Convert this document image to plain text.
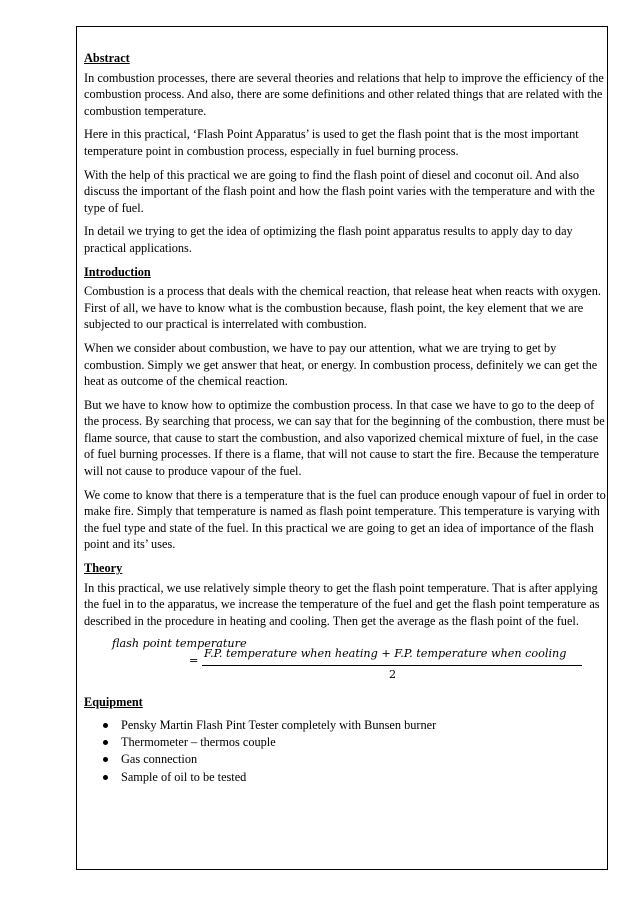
Abstract

In combustion processes, there are several theories and relations that help to improve the efficiency of the combustion process. And also, there are some definitions and other related things that are related with the combustion temperature.

Here in this practical, ‘Flash Point Apparatus’ is used to get the flash point that is the most important temperature point in combustion process, especially in fuel burning process.

With the help of this practical we are going to find the flash point of diesel and coconut oil. And also discuss the important of the flash point and how the flash point varies with the temperature and with the type of fuel.

In detail we trying to get the idea of optimizing the flash point apparatus results to apply day to day practical applications.

Introduction

Combustion is a process that deals with the chemical reaction, that release heat when reacts with oxygen. First of all, we have to know what is the combustion because, flash point, the key element that we are subjected to our practical is interrelated with combustion.

When we consider about combustion, we have to pay our attention, what we are trying to get by combustion. Simply we get answer that heat, or energy. In combustion process, definitely we can get the heat as outcome of the chemical reaction.

But we have to know how to optimize the combustion process. In that case we have to go to the deep of the process. By searching that process, we can say that for the beginning of the combustion, there must be flame source, that cause to start the combustion, and also vaporized chemical mixture of fuel, in the case of fuel burning processes. If there is a flame, that will not cause to start the fire. Because the temperature will not cause to produce vapour of the fuel.

We come to know that there is a temperature that is the fuel can produce enough vapour of fuel in order to make fire. Simply that temperature is named as flash point temperature. This temperature is varying with the fuel type and state of the fuel. In this practical we are going to get an idea of importance of the flash point and its’ uses.

Theory

In this practical, we use relatively simple theory to get the flash point temperature. That is after applying the fuel in to the apparatus, we increase the temperature of the fuel and get the flash point temperature as described in the procedure in heating and cooling. Then get the average as the flash point of the fuel.

flash point temperature
=
F.P. temperature when heating + F.P. temperature when cooling
2
Equipment
Pensky Martin Flash Pint Tester completely with Bunsen burner
Thermometer – thermos couple
Gas connection
Sample of oil to be tested
